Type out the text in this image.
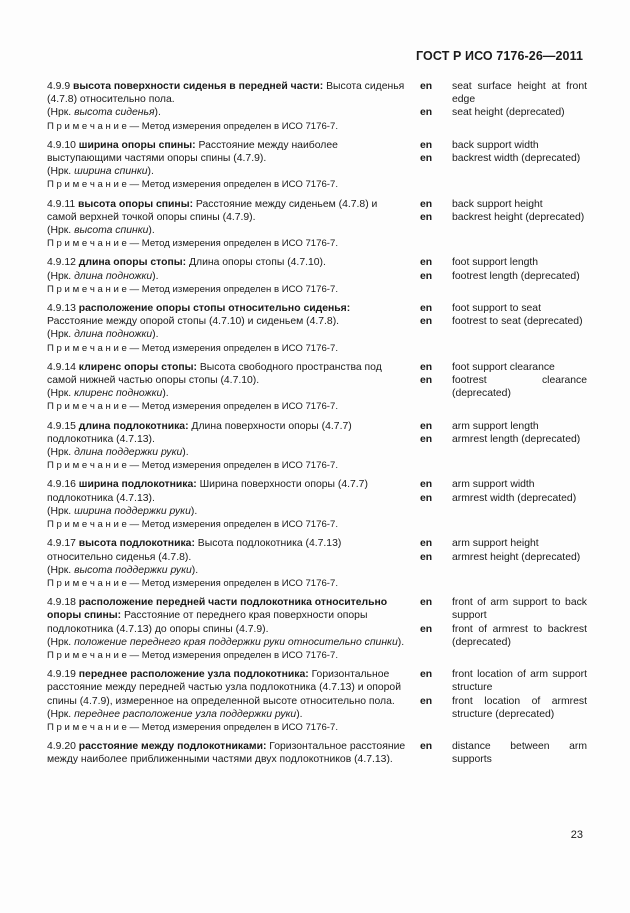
ГОСТ Р ИСО 7176-26—2011

4.9.9 высота поверхности сиденья в передней части: Высота сиденья (4.7.8) относительно пола.

(Нрк. высота сиденья).

П р и м е ч а н и е — Метод измерения определен в ИСО 7176-7.

en	seat surface height at front edge
en	seat height (deprecated)

4.9.10 ширина опоры спины: Расстояние между наиболее выступающими частями опоры спины (4.7.9).

(Нрк. ширина спинки).

П р и м е ч а н и е — Метод измерения определен в ИСО 7176-7.

en	back support width
en	backrest width (deprecated)

4.9.11 высота опоры спины: Расстояние между сиденьем (4.7.8) и самой верхней точкой опоры спины (4.7.9).

(Нрк. высота спинки).

П р и м е ч а н и е — Метод измерения определен в ИСО 7176-7.

en	back support height
en	backrest height (deprecated)

4.9.12 длина опоры стопы: Длина опоры стопы (4.7.10).

(Нрк. длина подножки).

П р и м е ч а н и е — Метод измерения определен в ИСО 7176-7.

en	foot support length
en	footrest length (deprecated)

4.9.13 расположение опоры стопы относительно сиденья: Расстояние между опорой стопы (4.7.10) и сиденьем (4.7.8).

(Нрк. длина подножки).

П р и м е ч а н и е — Метод измерения определен в ИСО 7176-7.

en	foot support to seat
en	footrest to seat (deprecated)

4.9.14 клиренс опоры стопы: Высота свободного пространства под самой нижней частью опоры стопы (4.7.10).

(Нрк. клиренс подножки).

П р и м е ч а н и е — Метод измерения определен в ИСО 7176-7.

en	foot support clearance
en	footrest clearance (deprecated)

4.9.15 длина подлокотника: Длина поверхности опоры (4.7.7) подлокотника (4.7.13).

(Нрк. длина поддержки руки).

П р и м е ч а н и е — Метод измерения определен в ИСО 7176-7.

en	arm support length
en	armrest length (deprecated)

4.9.16 ширина подлокотника: Ширина поверхности опоры (4.7.7) подлокотника (4.7.13).

(Нрк. ширина поддержки руки).

П р и м е ч а н и е — Метод измерения определен в ИСО 7176-7.

en	arm support width
en	armrest width (deprecated)

4.9.17 высота подлокотника: Высота подлокотника (4.7.13) относительно сиденья (4.7.8).

(Нрк. высота поддержки руки).

П р и м е ч а н и е — Метод измерения определен в ИСО 7176-7.

en	arm support height
en	armrest height (deprecated)

4.9.18 расположение передней части подлокотника относительно опоры спины: Расстояние от переднего края поверхности опоры подлокотника (4.7.13) до опоры спины (4.7.9).

(Нрк. положение переднего края поддержки руки относительно спинки).

П р и м е ч а н и е — Метод измерения определен в ИСО 7176-7.

en	front of arm support to back support
en	front of armrest to backrest (deprecated)

4.9.19 переднее расположение узла подлокотника: Горизонтальное расстояние между передней частью узла подлокотника (4.7.13) и опорой спины (4.7.9), измеренное на определенной высоте относительно пола.

(Нрк. переднее расположение узла поддержки руки).

П р и м е ч а н и е — Метод измерения определен в ИСО 7176-7.

en	front location of arm support structure
en	front location of armrest structure (deprecated)

4.9.20 расстояние между подлокотниками: Горизонтальное расстояние между наиболее приближенными частями двух подлокотников (4.7.13).

en	distance between arm supports
23
